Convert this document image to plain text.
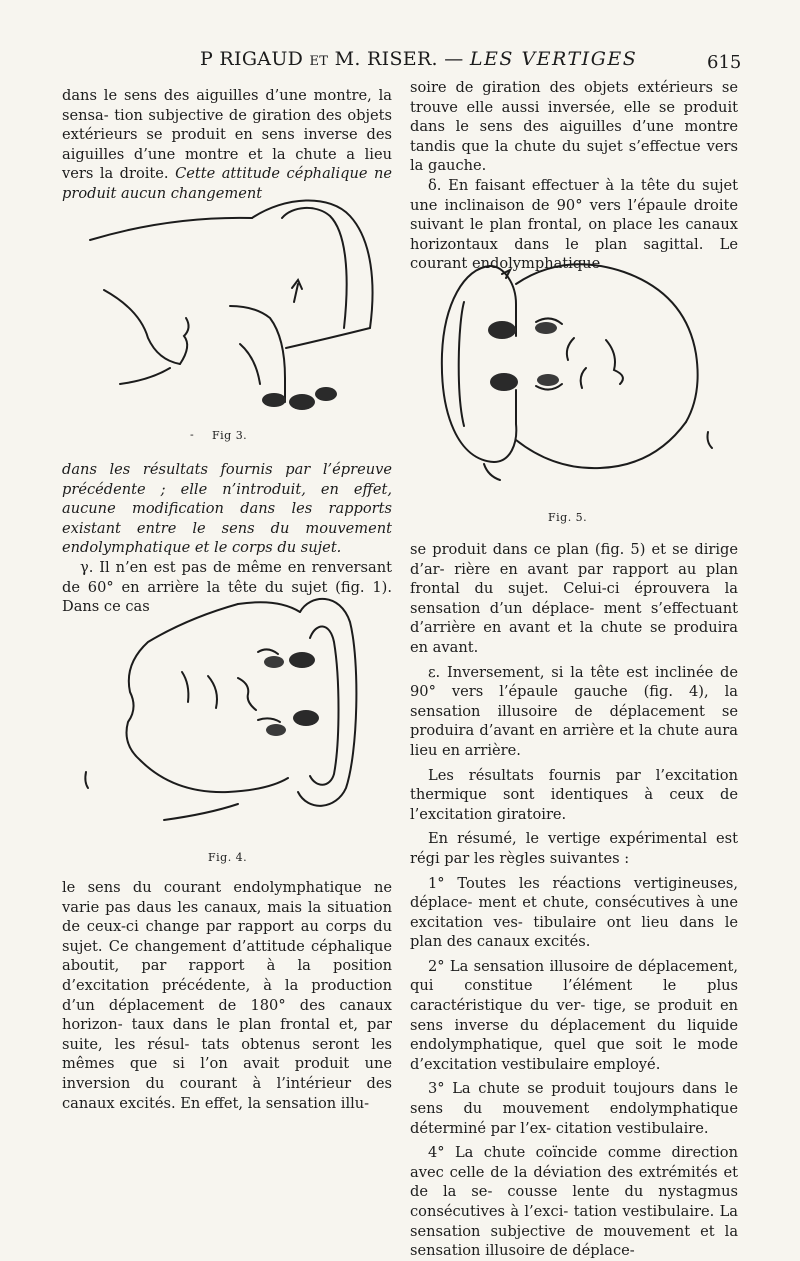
P RIGAUD et M. RISER. — LES VERTIGES	615

dans le sens des aiguilles d’une montre, la sensa- tion subjective de giration des objets extérieurs se produit en sens inverse des aiguilles d’une montre et la chute a lieu vers la droite. Cette attitude céphalique ne produit aucun changement

- Fig 3.

dans les résultats fournis par l’épreuve précédente ; elle n’introduit, en effet, aucune modification dans les rapports existant entre le sens du mouvement endolymphatique et le corps du sujet.

γ. Il n’en est pas de même en renversant de 60° en arrière la tête du sujet (fig. 1). Dans ce cas

Fig. 4.

le sens du courant endolymphatique ne varie pas daus les canaux, mais la situation de ceux-ci change par rapport au corps du sujet. Ce changement d’attitude céphalique aboutit, par rapport à la position d’excitation précédente, à la production d’un déplacement de 180° des canaux horizon- taux dans le plan frontal et, par suite, les résul- tats obtenus seront les mêmes que si l’on avait produit une inversion du courant à l’intérieur des canaux excités. En effet, la sensation illu-

soire de giration des objets extérieurs se trouve elle aussi inversée, elle se produit dans le sens des aiguilles d’une montre tandis que la chute du sujet s’effectue vers la gauche.

δ. En faisant effectuer à la tête du sujet une inclinaison de 90° vers l’épaule droite suivant le plan frontal, on place les canaux horizontaux dans le plan sagittal. Le courant endolymphatique

Fig. 5.

se produit dans ce plan (fig. 5) et se dirige d’ar- rière en avant par rapport au plan frontal du sujet. Celui-ci éprouvera la sensation d’un déplace- ment s’effectuant d’arrière en avant et la chute se produira en avant.

ε. Inversement, si la tête est inclinée de 90° vers l’épaule gauche (fig. 4), la sensation illusoire de déplacement se produira d’avant en arrière et la chute aura lieu en arrière.

Les résultats fournis par l’excitation thermique sont identiques à ceux de l’excitation giratoire.

En résumé, le vertige expérimental est régi par les règles suivantes :

1° Toutes les réactions vertigineuses, déplace- ment et chute, consécutives à une excitation ves- tibulaire ont lieu dans le plan des canaux excités.

2° La sensation illusoire de déplacement, qui constitue l’élément le plus caractéristique du ver- tige, se produit en sens inverse du déplacement du liquide endolymphatique, quel que soit le mode d’excitation vestibulaire employé.

3° La chute se produit toujours dans le sens du mouvement endolymphatique déterminé par l’ex- citation vestibulaire.

4° La chute coïncide comme direction avec celle de la déviation des extrémités et de la se- cousse lente du nystagmus consécutives à l’exci- tation vestibulaire. La sensation subjective de mouvement et la sensation illusoire de déplace-
